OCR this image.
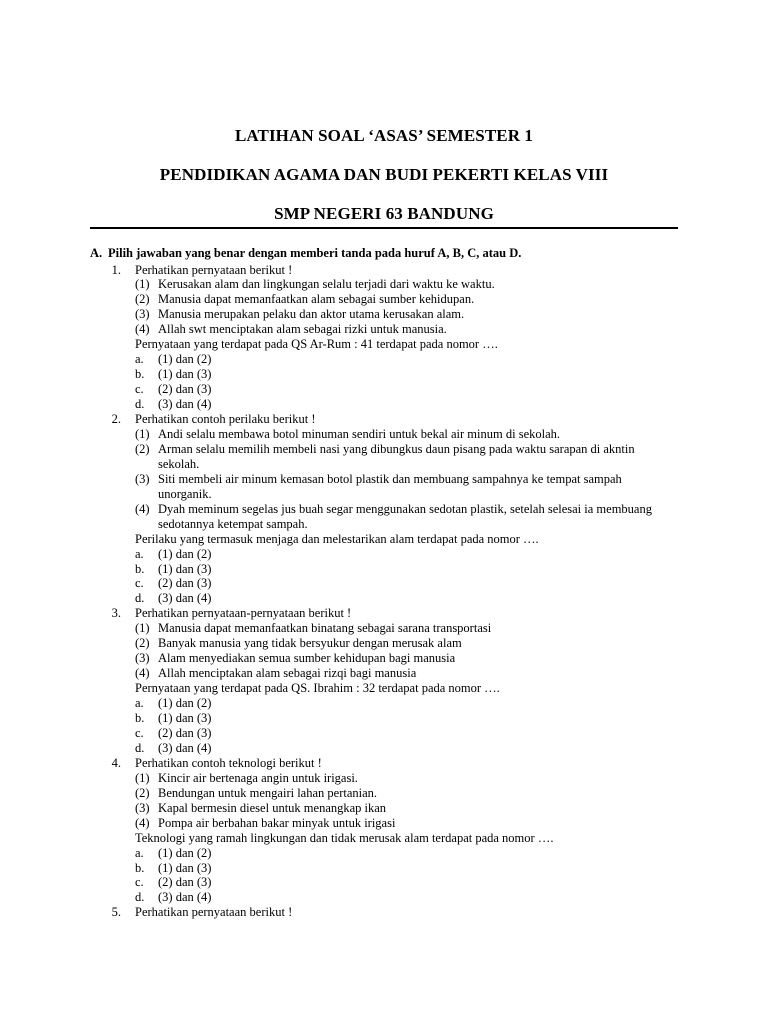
LATIHAN SOAL ‘ASAS’ SEMESTER 1
PENDIDIKAN AGAMA DAN BUDI PEKERTI KELAS VIII
SMP NEGERI 63 BANDUNG
A. Pilih jawaban yang benar dengan memberi tanda pada huruf A, B, C, atau D.
1. Perhatikan pernyataan berikut !
(1) Kerusakan alam dan lingkungan selalu terjadi dari waktu ke waktu.
(2) Manusia dapat memanfaatkan alam sebagai sumber kehidupan.
(3) Manusia merupakan pelaku dan aktor utama kerusakan alam.
(4) Allah swt menciptakan alam sebagai rizki untuk manusia.
Pernyataan yang terdapat pada QS Ar-Rum : 41 terdapat pada nomor ….
a. (1) dan (2)
b. (1) dan (3)
c. (2) dan (3)
d. (3) dan (4)
2. Perhatikan contoh perilaku berikut !
(1) Andi selalu membawa botol minuman sendiri untuk bekal air minum di sekolah.
(2) Arman selalu memilih membeli nasi yang dibungkus daun pisang pada waktu sarapan di akntin
sekolah.
(3) Siti membeli air minum kemasan botol plastik dan membuang sampahnya ke tempat sampah
unorganik.
(4) Dyah meminum segelas jus buah segar menggunakan sedotan plastik, setelah selesai ia membuang
sedotannya ketempat sampah.
Perilaku yang termasuk menjaga dan melestarikan alam terdapat pada nomor ….
a. (1) dan (2)
b. (1) dan (3)
c. (2) dan (3)
d. (3) dan (4)
3. Perhatikan pernyataan-pernyataan berikut !
(1) Manusia dapat memanfaatkan binatang sebagai sarana transportasi
(2) Banyak manusia yang tidak bersyukur dengan merusak alam
(3) Alam menyediakan semua sumber kehidupan bagi manusia
(4) Allah menciptakan alam sebagai rizqi bagi manusia
Pernyataan yang terdapat pada QS. Ibrahim : 32 terdapat pada nomor ….
a. (1) dan (2)
b. (1) dan (3)
c. (2) dan (3)
d. (3) dan (4)
4. Perhatikan contoh teknologi berikut !
(1) Kincir air bertenaga angin untuk irigasi.
(2) Bendungan untuk mengairi lahan pertanian.
(3) Kapal bermesin diesel untuk menangkap ikan
(4) Pompa air berbahan bakar minyak untuk irigasi
Teknologi yang ramah lingkungan dan tidak merusak alam terdapat pada nomor ….
a. (1) dan (2)
b. (1) dan (3)
c. (2) dan (3)
d. (3) dan (4)
5. Perhatikan pernyataan berikut !
